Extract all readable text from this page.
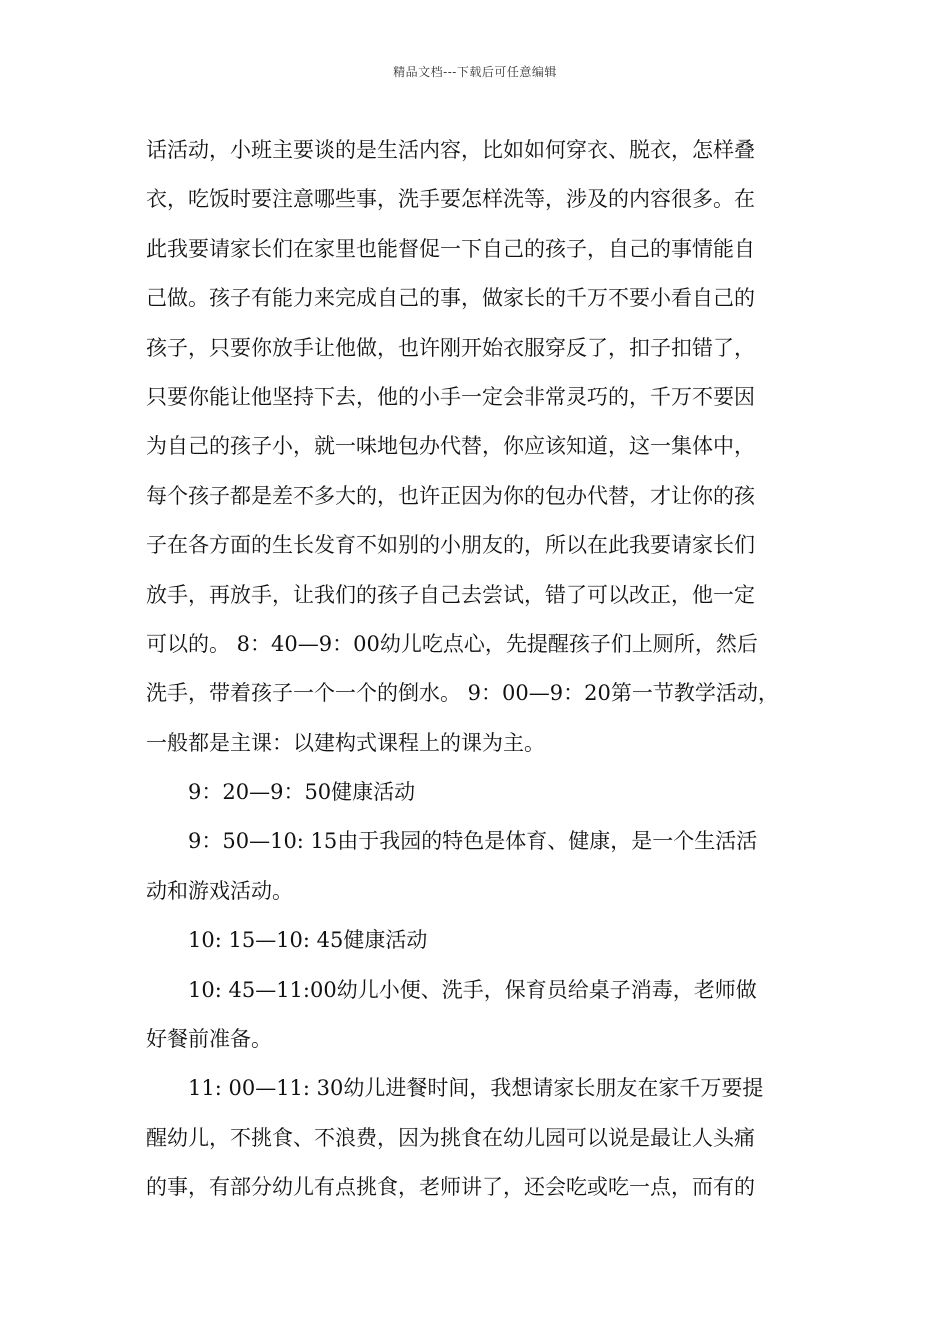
精品文档---下载后可任意编辑
话活动，小班主要谈的是生活内容，比如如何穿衣、脱衣，怎样叠
衣，吃饭时要注意哪些事，洗手要怎样洗等，涉及的内容很多。在
此我要请家长们在家里也能督促一下自己的孩子，自己的事情能自
己做。孩子有能力来完成自己的事，做家长的千万不要小看自己的
孩子，只要你放手让他做，也许刚开始衣服穿反了，扣子扣错了，
只要你能让他坚持下去，他的小手一定会非常灵巧的，千万不要因
为自己的孩子小，就一味地包办代替，你应该知道，这一集体中，
每个孩子都是差不多大的，也许正因为你的包办代替，才让你的孩
子在各方面的生长发育不如别的小朋友的，所以在此我要请家长们
放手，再放手，让我们的孩子自己去尝试，错了可以改正，他一定
可以的。 8：40—9：00幼儿吃点心，先提醒孩子们上厕所，然后
洗手，带着孩子一个一个的倒水。 9：00—9：20第一节教学活动，
一般都是主课：以建构式课程上的课为主。
9：20—9：50健康活动
9：50—10: 15由于我园的特色是体育、健康，是一个生活活
动和游戏活动。
10: 15—10: 45健康活动
10: 45—11:00幼儿小便、洗手，保育员给桌子消毒，老师做
好餐前准备。
11: 00—11: 30幼儿进餐时间，我想请家长朋友在家千万要提
醒幼儿，不挑食、不浪费，因为挑食在幼儿园可以说是最让人头痛
的事，有部分幼儿有点挑食，老师讲了，还会吃或吃一点，而有的
